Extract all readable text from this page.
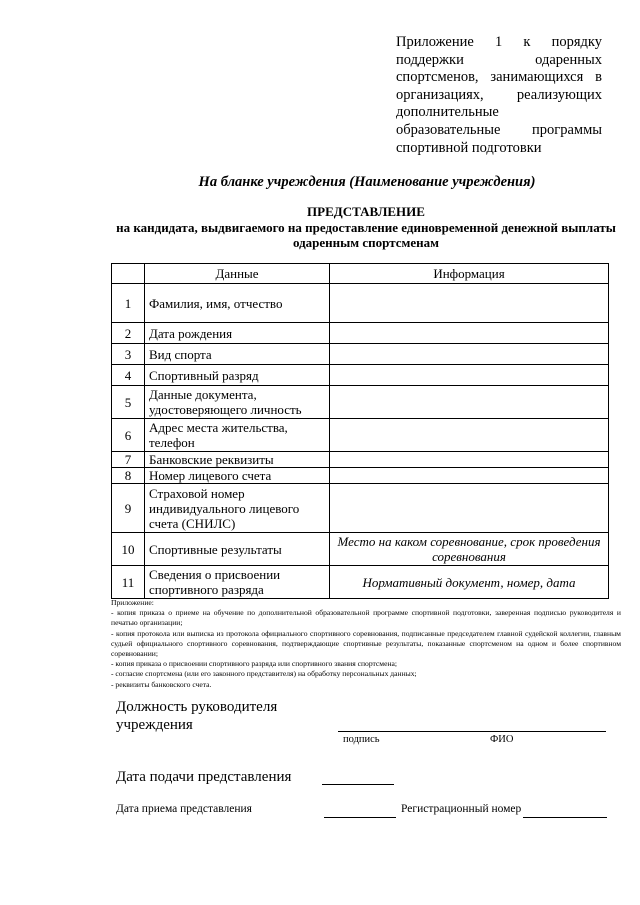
Приложение 1 к порядку
поддержки одаренных
спортсменов, занимающихся в
организациях, реализующих
дополнительные
образовательные программы
спортивной подготовки
На бланке учреждения (Наименование учреждения)
ПРЕДСТАВЛЕНИЕ
на кандидата, выдвигаемого на предоставление единовременной денежной выплаты
одаренным спортсменам
	Данные	Информация
1	Фамилия, имя, отчество	
2	Дата рождения	
3	Вид спорта	
4	Спортивный разряд	
5	Данные документа, удостоверяющего личность	
6	Адрес места жительства, телефон	
7	Банковские реквизиты	
8	Номер лицевого счета	
9	Страховой номер индивидуального лицевого счета (СНИЛС)	
10	Спортивные результаты	Место на каком соревнование, срок проведения соревнования
11	Сведения о присвоении спортивного разряда	Нормативный документ, номер, дата
Приложение:
- копия приказа о приеме на обучение по дополнительной образовательной программе спортивной подготовки, заверенная подписью руководителя и печатью организации;
- копия протокола или выписка из протокола официального спортивного соревнования, подписанные председателем главной судейской коллегии, главным судьей официального спортивного соревнования, подтверждающие спортивные результаты, показанные спортсменом на одном и более спортивном соревновании;
- копия приказа о присвоении спортивного разряда или спортивного звания спортсмена;
- согласие спортсмена (или его законного представителя) на обработку персональных данных;
- реквизиты банковского счета.
Должность руководителя
учреждения
подпись	ФИО
Дата подачи представления
Дата приема представления	Регистрационный номер
